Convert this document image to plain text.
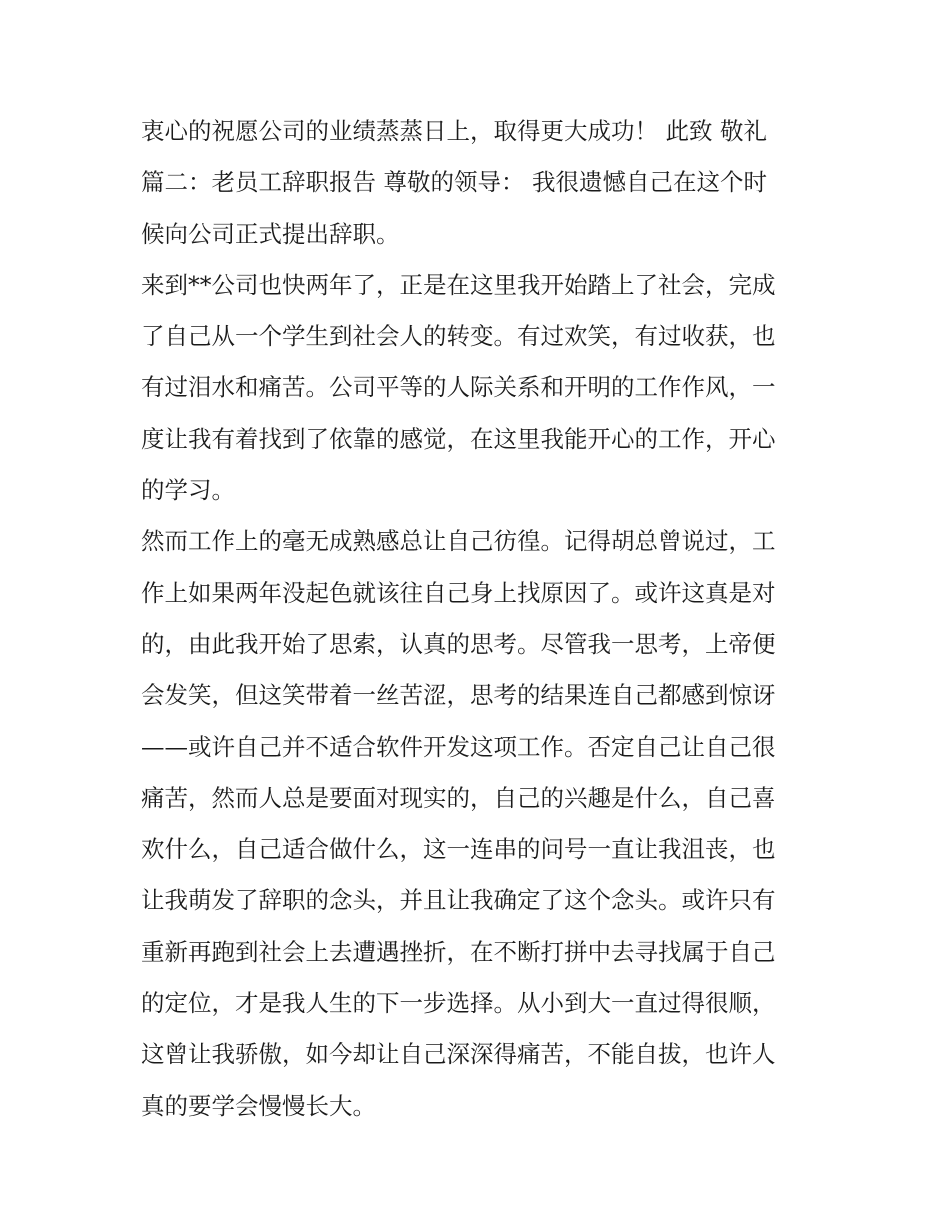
衷心的祝愿公司的业绩蒸蒸日上，取得更大成功！ 此致 敬礼
篇二：老员工辞职报告 尊敬的领导： 我很遗憾自己在这个时
候向公司正式提出辞职。
来到**公司也快两年了，正是在这里我开始踏上了社会，完成
了自己从一个学生到社会人的转变。有过欢笑，有过收获，也
有过泪水和痛苦。公司平等的人际关系和开明的工作作风，一
度让我有着找到了依靠的感觉，在这里我能开心的工作，开心
的学习。
然而工作上的毫无成熟感总让自己彷徨。记得胡总曾说过，工
作上如果两年没起色就该往自己身上找原因了。或许这真是对
的，由此我开始了思索，认真的思考。尽管我一思考，上帝便
会发笑，但这笑带着一丝苦涩，思考的结果连自己都感到惊讶
——或许自己并不适合软件开发这项工作。否定自己让自己很
痛苦，然而人总是要面对现实的，自己的兴趣是什么，自己喜
欢什么，自己适合做什么，这一连串的问号一直让我沮丧，也
让我萌发了辞职的念头，并且让我确定了这个念头。或许只有
重新再跑到社会上去遭遇挫折，在不断打拼中去寻找属于自己
的定位，才是我人生的下一步选择。从小到大一直过得很顺，
这曾让我骄傲，如今却让自己深深得痛苦，不能自拔，也许人
真的要学会慢慢长大。
